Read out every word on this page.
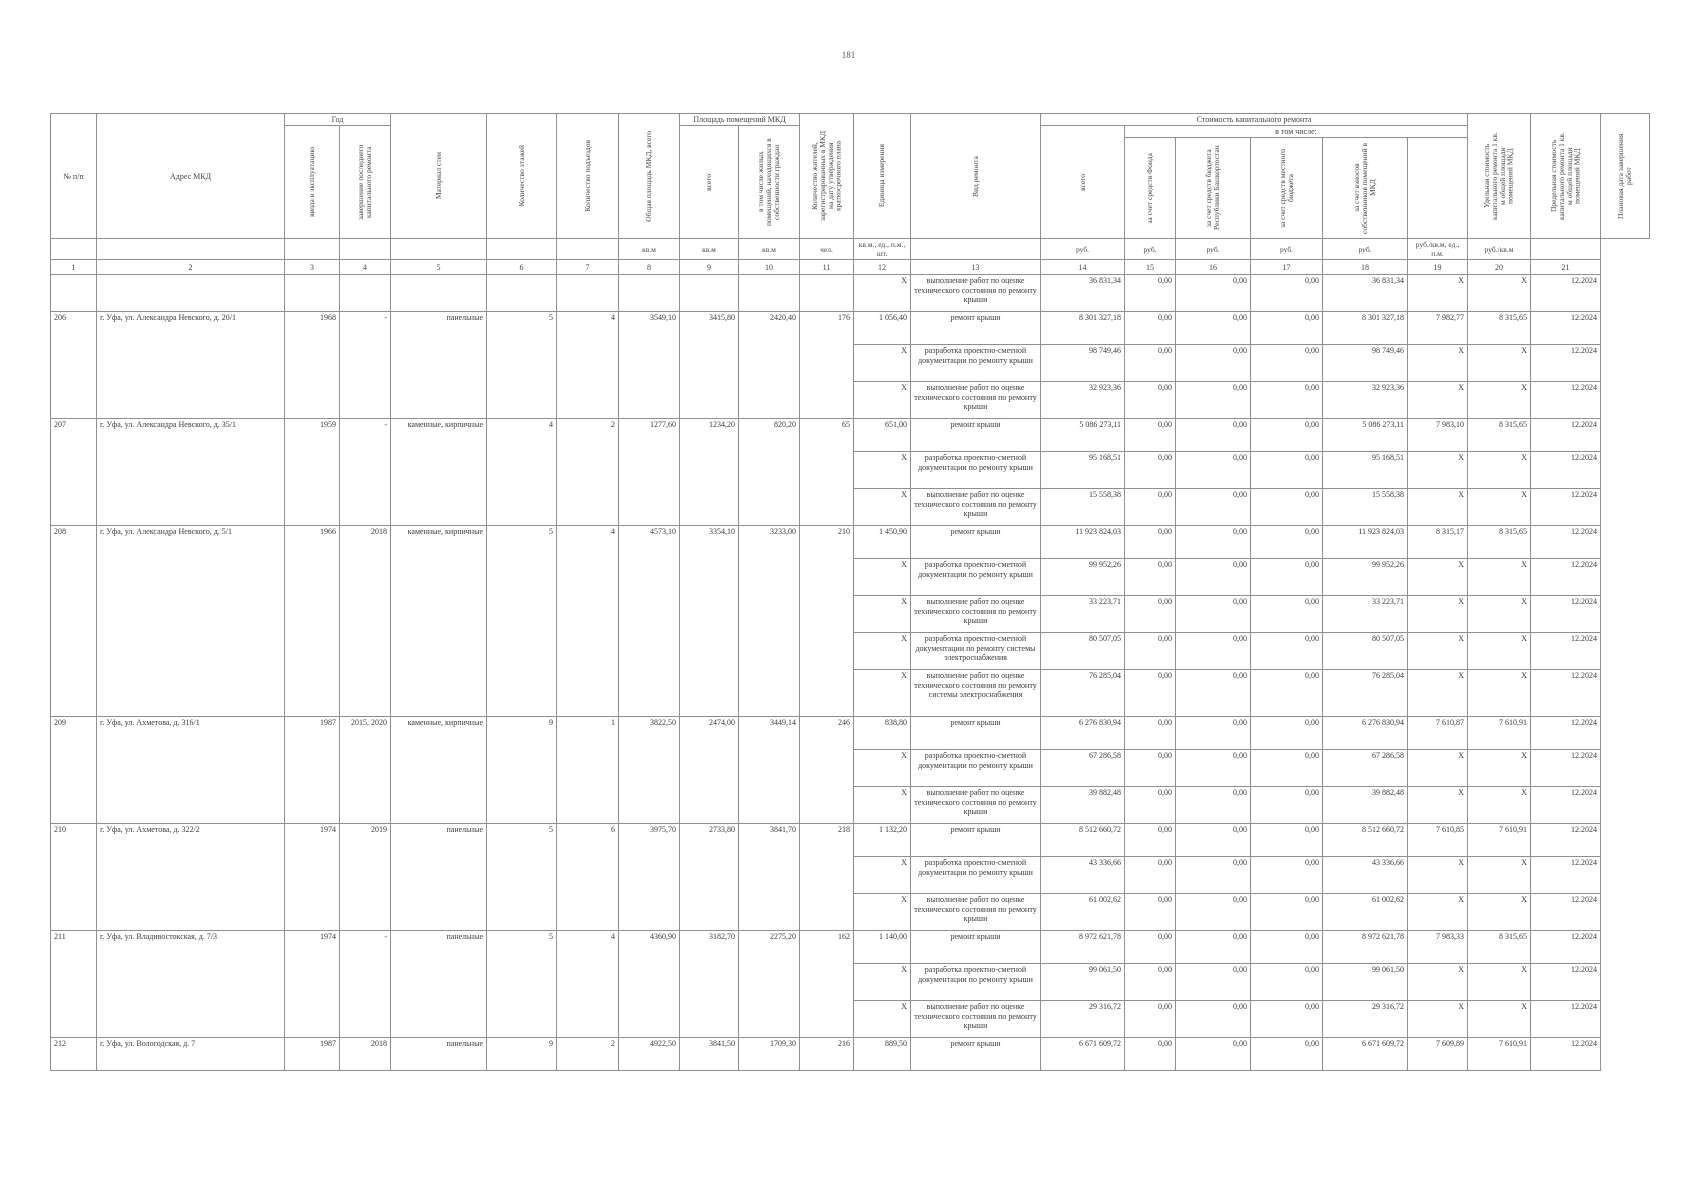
181
№ п/п	Адрес МКД	Год		Материал стен	Количество этажей	Количество подъездов	Общая площадь МКД, всего	Площадь помещений МКД		Количество жителей, зарегистрированных в МКД на дату утверждения краткосрочного плана	Единица измерения	Вид ремонта	Стоимость капитального ремонта						Удельная стоимость капитального ремонта 1 кв. м общей площади помещений МКД	Предельная стоимость капитального ремонта 1 кв. м общей площади помещений МКД	Плановая дата завершения работ

		ввода в эксплуатацию	завершение последнего капитального ремонта					всего	в том числе жилых помещений, находящихся в собственности граждан				всего	в том числе:							

														за счет средств Фонда	за счет средств бюджета Республики Башкортостан	за счет средств местного бюджета	за счет взносов собственников помещений в МКД				

							кв.м	кв.м	кв.м	чел.	кв.м., ед., п.м., шт.		руб.	руб.	руб.	руб.	руб.	руб./кв.м, ед., п.м.	руб./кв.м		
1	2	3	4	5	6	7	8	9	10	11	12	13	14	15	16	17	18	19	20	21	
											X	выполнение работ по оценке технического состояния по ремонту крыши	36 831,34	0,00	0,00	0,00	36 831,34	X	X	12.2024	
206	г. Уфа, ул. Александра Невского, д. 20/1	1968	-	панельные	5	4	3549,10	3415,80	2420,40	176	1 056,40	ремонт крыши	8 301 327,18	0,00	0,00	0,00	8 301 327,18	7 982,77	8 315,65	12.2024	
											X	разработка проектно-сметной документации по ремонту крыши	98 749,46	0,00	0,00	0,00	98 749,46	X	X	12.2024	
											X	выполнение работ по оценке технического состояния по ремонту крыши	32 923,36	0,00	0,00	0,00	32 923,36	X	X	12.2024	
207	г. Уфа, ул. Александра Невского, д. 35/1	1959	-	каменные, кирпичные	4	2	1277,60	1234,20	820,20	65	651,00	ремонт крыши	5 086 273,11	0,00	0,00	0,00	5 086 273,11	7 983,10	8 315,65	12.2024	
											X	разработка проектно-сметной документации по ремонту крыши	95 168,51	0,00	0,00	0,00	95 168,51	X	X	12.2024	
											X	выполнение работ по оценке технического состояния по ремонту крыши	15 558,38	0,00	0,00	0,00	15 558,38	X	X	12.2024	
208	г. Уфа, ул. Александра Невского, д. 5/1	1966	2018	каменные, кирпичные	5	4	4573,10	3354,10	3233,00	210	1 450,90	ремонт крыши	11 923 824,03	0,00	0,00	0,00	11 923 824,03	8 315,17	8 315,65	12.2024	
											X	разработка проектно-сметной документации по ремонту крыши	99 952,26	0,00	0,00	0,00	99 952,26	X	X	12.2024	
											X	выполнение работ по оценке технического состояния по ремонту крыши	33 223,71	0,00	0,00	0,00	33 223,71	X	X	12.2024	
											X	разработка проектно-сметной документации по ремонту системы электроснабжения	80 507,05	0,00	0,00	0,00	80 507,05	X	X	12.2024	
											X	выполнение работ по оценке технического состояния по ремонту системы электроснабжения	76 285,04	0,00	0,00	0,00	76 285,04	X	X	12.2024	
209	г. Уфа, ул. Ахметова, д. 316/1	1987	2015, 2020	каменные, кирпичные	9	1	3822,50	2474,00	3449,14	246	838,80	ремонт крыши	6 276 830,94	0,00	0,00	0,00	6 276 830,94	7 610,87	7 610,91	12.2024	
											X	разработка проектно-сметной документации по ремонту крыши	67 286,58	0,00	0,00	0,00	67 286,58	X	X	12.2024	
											X	выполнение работ по оценке технического состояния по ремонту крыши	39 882,48	0,00	0,00	0,00	39 882,48	X	X	12.2024	
210	г. Уфа, ул. Ахметова, д. 322/2	1974	2019	панельные	5	6	3975,70	2733,80	3841,70	218	1 132,20	ремонт крыши	8 512 660,72	0,00	0,00	0,00	8 512 660,72	7 610,85	7 610,91	12.2024	
											X	разработка проектно-сметной документации по ремонту крыши	43 336,66	0,00	0,00	0,00	43 336,66	X	X	12.2024	
											X	выполнение работ по оценке технического состояния по ремонту крыши	61 002,62	0,00	0,00	0,00	61 002,62	X	X	12.2024	
211	г. Уфа, ул. Владивостокская, д. 7/3	1974	-	панельные	5	4	4360,90	3182,70	2275,20	162	1 140,00	ремонт крыши	8 972 621,78	0,00	0,00	0,00	8 972 621,78	7 983,33	8 315,65	12.2024	
											X	разработка проектно-сметной документации по ремонту крыши	99 061,50	0,00	0,00	0,00	99 061,50	X	X	12.2024	
											X	выполнение работ по оценке технического состояния по ремонту крыши	29 316,72	0,00	0,00	0,00	29 316,72	X	X	12.2024	
212	г. Уфа, ул. Вологодская, д. 7	1987	2018	панельные	9	2	4922,50	3841,50	1709,30	216	889,50	ремонт крыши	6 671 609,72	0,00	0,00	0,00	6 671 609,72	7 609,89	7 610,91	12.2024	
